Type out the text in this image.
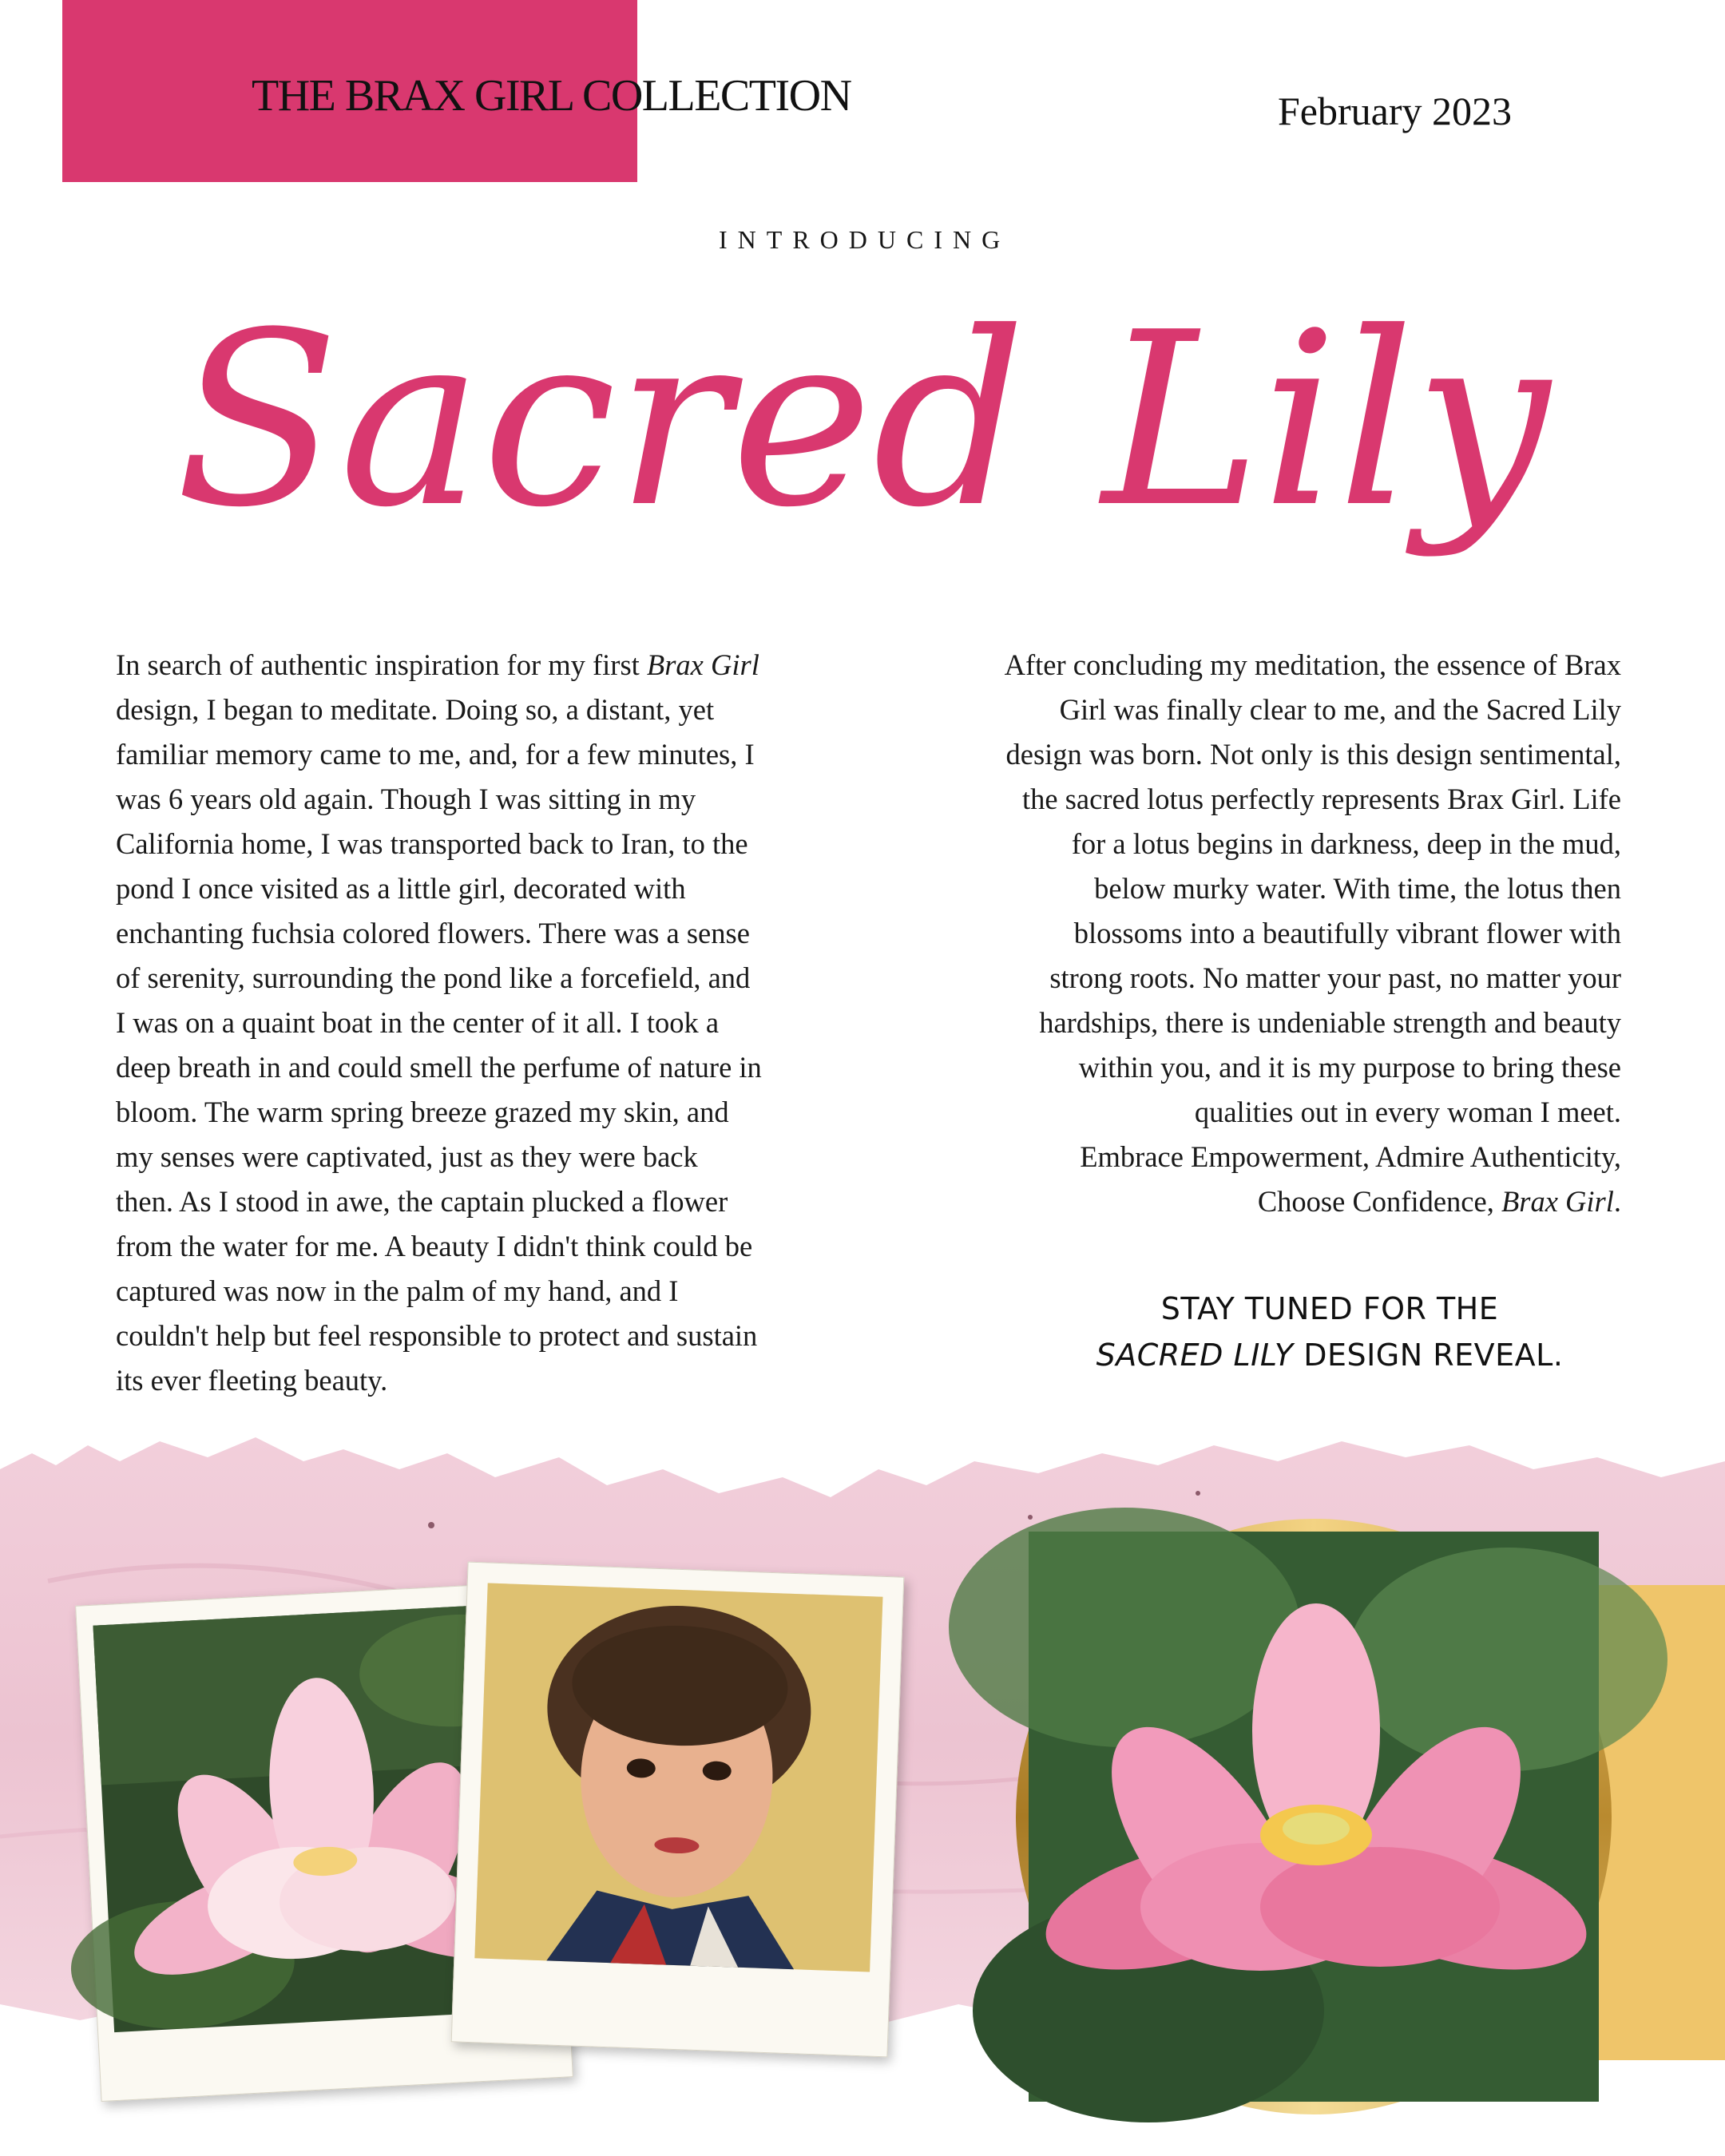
THE BRAX GIRL COLLECTION	February 2023
INTRODUCING
Sacred Lily
In search of authentic inspiration for my first Brax Girl
design, I began to meditate. Doing so, a distant, yet
familiar memory came to me, and, for a few minutes, I
was 6 years old again. Though I was sitting in my
California home, I was transported back to Iran, to the
pond I once visited as a little girl, decorated with
enchanting fuchsia colored flowers. There was a sense
of serenity, surrounding the pond like a forcefield, and
I was on a quaint boat in the center of it all. I took a
deep breath in and could smell the perfume of nature in
bloom. The warm spring breeze grazed my skin, and
my senses were captivated, just as they were back
then. As I stood in awe, the captain plucked a flower
from the water for me. A beauty I didn't think could be
captured was now in the palm of my hand, and I
couldn't help but feel responsible to protect and sustain
its ever fleeting beauty.
After concluding my meditation, the essence of Brax
Girl was finally clear to me, and the Sacred Lily
design was born. Not only is this design sentimental,
the sacred lotus perfectly represents Brax Girl. Life
for a lotus begins in darkness, deep in the mud,
below murky water. With time, the lotus then
blossoms into a beautifully vibrant flower with
strong roots. No matter your past, no matter your
hardships, there is undeniable strength and beauty
within you, and it is my purpose to bring these
qualities out in every woman I meet.
Embrace Empowerment, Admire Authenticity,
Choose Confidence, Brax Girl.
STAY TUNED FOR THE
SACRED LILY DESIGN REVEAL.
